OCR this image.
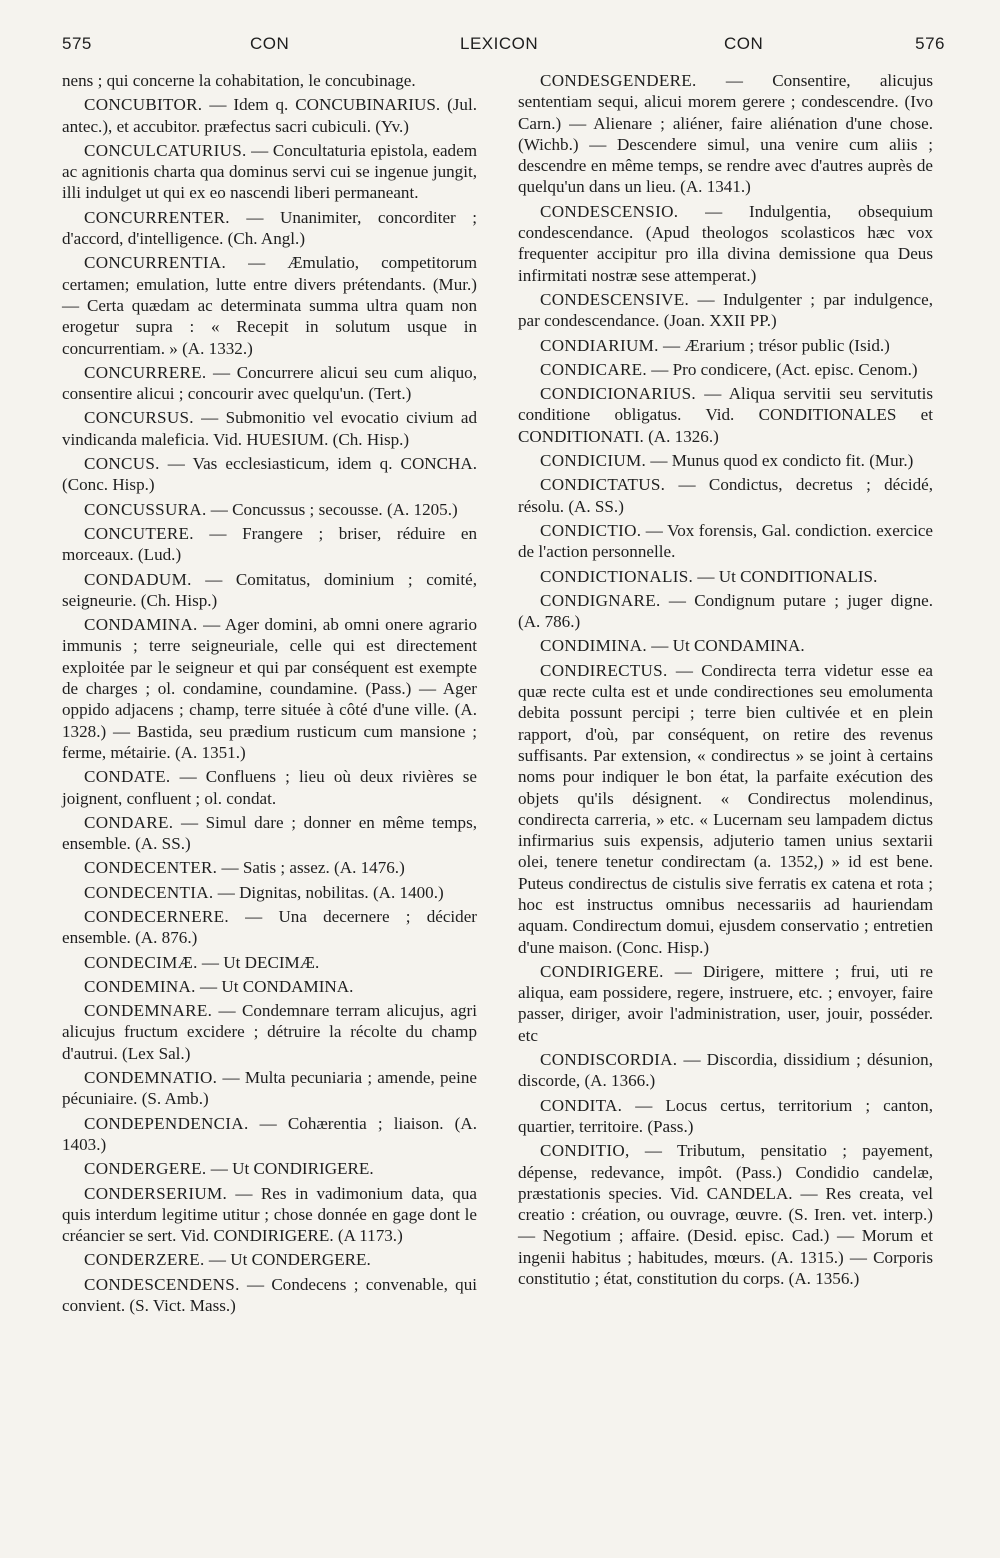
575	CON	LEXICON	CON	576

nens ; qui concerne la cohabitation, le concubinage.

CONCUBITOR. — Idem q. CONCUBINARIUS. (Jul. antec.), et accubitor. præfectus sacri cubiculi. (Yv.)

CONCULCATURIUS. — Concultaturia epistola, eadem ac agnitionis charta qua dominus servi cui se ingenue jungit, illi indulget ut qui ex eo nascendi liberi permaneant.

CONCURRENTER. — Unanimiter, concorditer ; d'accord, d'intelligence. (Ch. Angl.)

CONCURRENTIA. — Æmulatio, competitorum certamen; emulation, lutte entre divers prétendants. (Mur.) — Certa quædam ac determinata summa ultra quam non erogetur supra : « Recepit in solutum usque in concurrentiam. » (A. 1332.)

CONCURRERE. — Concurrere alicui seu cum aliquo, consentire alicui ; concourir avec quelqu'un. (Tert.)

CONCURSUS. — Submonitio vel evocatio civium ad vindicanda maleficia. Vid. HUESIUM. (Ch. Hisp.)

CONCUS. — Vas ecclesiasticum, idem q. CONCHA. (Conc. Hisp.)

CONCUSSURA. — Concussus ; secousse. (A. 1205.)

CONCUTERE. — Frangere ; briser, réduire en morceaux. (Lud.)

CONDADUM. — Comitatus, dominium ; comité, seigneurie. (Ch. Hisp.)

CONDAMINA. — Ager domini, ab omni onere agrario immunis ; terre seigneuriale, celle qui est directement exploitée par le seigneur et qui par conséquent est exempte de charges ; ol. condamine, coundamine. (Pass.) — Ager oppido adjacens ; champ, terre située à côté d'une ville. (A. 1328.) — Bastida, seu prædium rusticum cum mansione ; ferme, métairie. (A. 1351.)

CONDATE. — Confluens ; lieu où deux rivières se joignent, confluent ; ol. condat.

CONDARE. — Simul dare ; donner en même temps, ensemble. (A. SS.)

CONDECENTER. — Satis ; assez. (A. 1476.)

CONDECENTIA. — Dignitas, nobilitas. (A. 1400.)

CONDECERNERE. — Una decernere ; décider ensemble. (A. 876.)

CONDECIMÆ. — Ut DECIMÆ.

CONDEMINA. — Ut CONDAMINA.

CONDEMNARE. — Condemnare terram alicujus, agri alicujus fructum excidere ; détruire la récolte du champ d'autrui. (Lex Sal.)

CONDEMNATIO. — Multa pecuniaria ; amende, peine pécuniaire. (S. Amb.)

CONDEPENDENCIA. — Cohærentia ; liaison. (A. 1403.)

CONDERGERE. — Ut CONDIRIGERE.

CONDERSERIUM. — Res in vadimonium data, qua quis interdum legitime utitur ; chose donnée en gage dont le créancier se sert. Vid. CONDIRIGERE. (A 1173.)

CONDERZERE. — Ut CONDERGERE.

CONDESCENDENS. — Condecens ; convenable, qui convient. (S. Vict. Mass.)

CONDESGENDERE. — Consentire, alicujus sententiam sequi, alicui morem gerere ; condescendre. (Ivo Carn.) — Alienare ; aliéner, faire aliénation d'une chose. (Wichb.) — Descendere simul, una venire cum aliis ; descendre en même temps, se rendre avec d'autres auprès de quelqu'un dans un lieu. (A. 1341.)

CONDESCENSIO. — Indulgentia, obsequium condescendance. (Apud theologos scolasticos hæc vox frequenter accipitur pro illa divina demissione qua Deus infirmitati nostræ sese attemperat.)

CONDESCENSIVE. — Indulgenter ; par indulgence, par condescendance. (Joan. XXII PP.)

CONDIARIUM. — Ærarium ; trésor public (Isid.)

CONDICARE. — Pro condicere, (Act. episc. Cenom.)

CONDICIONARIUS. — Aliqua servitii seu servitutis conditione obligatus. Vid. CONDITIONALES et CONDITIONATI. (A. 1326.)

CONDICIUM. — Munus quod ex condicto fit. (Mur.)

CONDICTATUS. — Condictus, decretus ; décidé, résolu. (A. SS.)

CONDICTIO. — Vox forensis, Gal. condiction. exercice de l'action personnelle.

CONDICTIONALIS. — Ut CONDITIONALIS.

CONDIGNARE. — Condignum putare ; juger digne. (A. 786.)

CONDIMINA. — Ut CONDAMINA.

CONDIRECTUS. — Condirecta terra videtur esse ea quæ recte culta est et unde condirectiones seu emolumenta debita possunt percipi ; terre bien cultivée et en plein rapport, d'où, par conséquent, on retire des revenus suffisants. Par extension, « condirectus » se joint à certains noms pour indiquer le bon état, la parfaite exécution des objets qu'ils désignent. « Condirectus molendinus, condirecta carreria, » etc. « Lucernam seu lampadem dictus infirmarius suis expensis, adjuterio tamen unius sextarii olei, tenere tenetur condirectam (a. 1352,) » id est bene. Puteus condirectus de cistulis sive ferratis ex catena et rota ; hoc est instructus omnibus necessariis ad hauriendam aquam. Condirectum domui, ejusdem conservatio ; entretien d'une maison. (Conc. Hisp.)

CONDIRIGERE. — Dirigere, mittere ; frui, uti re aliqua, eam possidere, regere, instruere, etc. ; envoyer, faire passer, diriger, avoir l'administration, user, jouir, posséder. etc

CONDISCORDIA. — Discordia, dissidium ; désunion, discorde, (A. 1366.)

CONDITA. — Locus certus, territorium ; canton, quartier, territoire. (Pass.)

CONDITIO, — Tributum, pensitatio ; payement, dépense, redevance, impôt. (Pass.) Condidio candelæ, præstationis species. Vid. CANDELA. — Res creata, vel creatio : création, ou ouvrage, œuvre. (S. Iren. vet. interp.) — Negotium ; affaire. (Desid. episc. Cad.) — Morum et ingenii habitus ; habitudes, mœurs. (A. 1315.) — Corporis constitutio ; état, constitution du corps. (A. 1356.)
